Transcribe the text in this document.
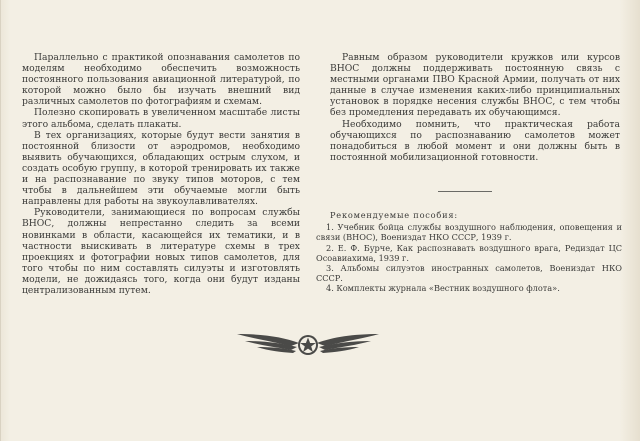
Параллельно с практикой опознавания самолетов по моделям необходимо обеспечить возможность постоянного пользования авиационной литературой, по которой можно было бы изучать внешний вид различных самолетов по фотографиям и схемам.

Полезно скопировать в увеличенном масштабе листы этого альбома, сделать плакаты.

В тех организациях, которые будут вести занятия в постоянной близости от аэродромов, необходимо выявить обучающихся, обладающих острым слухом, и создать особую группу, в которой тренировать их также и на распознавание по звуку типов моторов, с тем чтобы в дальнейшем эти обучаемые могли быть направлены для работы на звукоулавливателях.

Руководители, занимающиеся по вопросам службы ВНОС, должны непрестанно следить за всеми новинками в области, касающейся их тематики, и в частности выискивать в литературе схемы в трех проекциях и фотографии новых типов самолетов, для того чтобы по ним составлять силуэты и изготовлять модели, не дожидаясь того, когда они будут изданы централизованным путем.

Равным образом руководители кружков или курсов ВНОС должны поддерживать постоянную связь с местными органами ПВО Красной Армии, получать от них данные в случае изменения каких-либо принципиальных установок в порядке несения службы ВНОС, с тем чтобы без промедления передавать их обучающимся.

Необходимо помнить, что практическая работа обучающихся по распознаванию самолетов может понадобиться в любой момент и они должны быть в постоянной мобилизационной готовности.

Рекомендуемые пособия:

1. Учебник бойца службы воздушного наблюдения, оповещения и связи (ВНОС), Воениздат НКО СССР, 1939 г.

2. Е. Ф. Бурче, Как распознавать воздушного врага, Редиздат ЦС Осоавиахима, 1939 г.

3. Альбомы силуэтов иностранных самолетов, Воениздат НКО СССР.

4. Комплекты журнала «Вестник воздушного флота».
